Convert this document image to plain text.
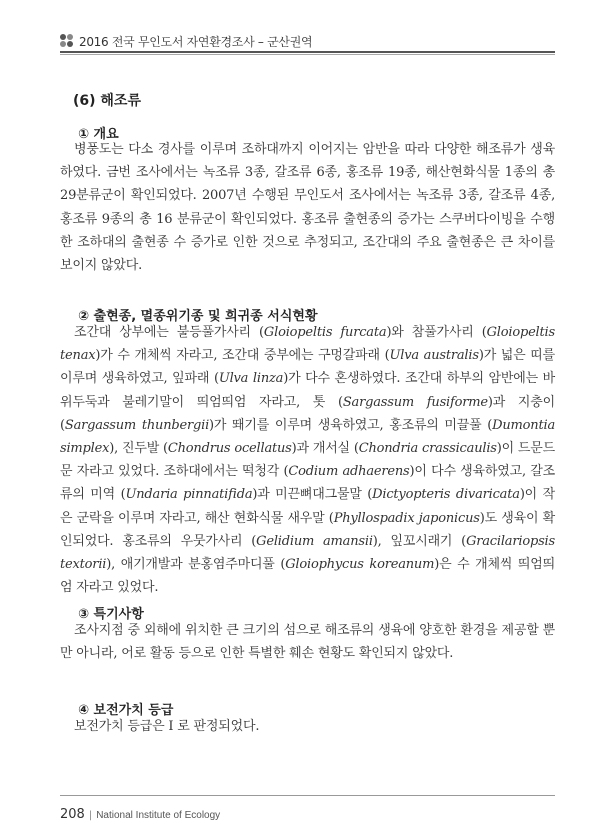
2016 전국 무인도서 자연환경조사 – 군산권역
(6) 해조류
① 개요

병풍도는 다소 경사를 이루며 조하대까지 이어지는 암반을 따라 다양한 해조류가 생육하였다. 금번 조사에서는 녹조류 3종, 갈조류 6종, 홍조류 19종, 해산현화식물 1종의 총 29분류군이 확인되었다. 2007년 수행된 무인도서 조사에서는 녹조류 3종, 갈조류 4종, 홍조류 9종의 총 16 분류군이 확인되었다. 홍조류 출현종의 증가는 스쿠버다이빙을 수행한 조하대의 출현종 수 증가로 인한 것으로 추정되고, 조간대의 주요 출현종은 큰 차이를 보이지 않았다.

② 출현종, 멸종위기종 및 희귀종 서식현황

조간대 상부에는 불등풀가사리 (Gloiopeltis furcata)와 참풀가사리 (Gloiopeltis tenax)가 수 개체씩 자라고, 조간대 중부에는 구멍갈파래 (Ulva australis)가 넓은 띠를 이루며 생육하였고, 잎파래 (Ulva linza)가 다수 혼생하였다. 조간대 하부의 암반에는 바위두둑과 불레기말이 띄엄띄엄 자라고, 톳 (Sargassum fusiforme)과 지충이 (Sargassum thunbergii)가 뙈기를 이루며 생육하였고, 홍조류의 미끌풀 (Dumontia simplex), 진두발 (Chondrus ocellatus)과 개서실 (Chondria crassicaulis)이 드문드문 자라고 있었다. 조하대에서는 떡청각 (Codium adhaerens)이 다수 생육하였고, 갈조류의 미역 (Undaria pinnatifida)과 미끈뼈대그물말 (Dictyopteris divaricata)이 작은 군락을 이루며 자라고, 해산 현화식물 새우말 (Phyllospadix japonicus)도 생육이 확인되었다. 홍조류의 우뭇가사리 (Gelidium amansii), 잎꼬시래기 (Gracilariopsis textorii), 애기개발과 분홍염주마디풀 (Gloiophycus koreanum)은 수 개체씩 띄엄띄엄 자라고 있었다.

③ 특기사항

조사지점 중 외해에 위치한 큰 크기의 섬으로 해조류의 생육에 양호한 환경을 제공할 뿐만 아니라, 어로 활동 등으로 인한 특별한 훼손 현황도 확인되지 않았다.

④ 보전가치 등급

보전가치 등급은 I 로 판정되었다.

208 | National Institute of Ecology
